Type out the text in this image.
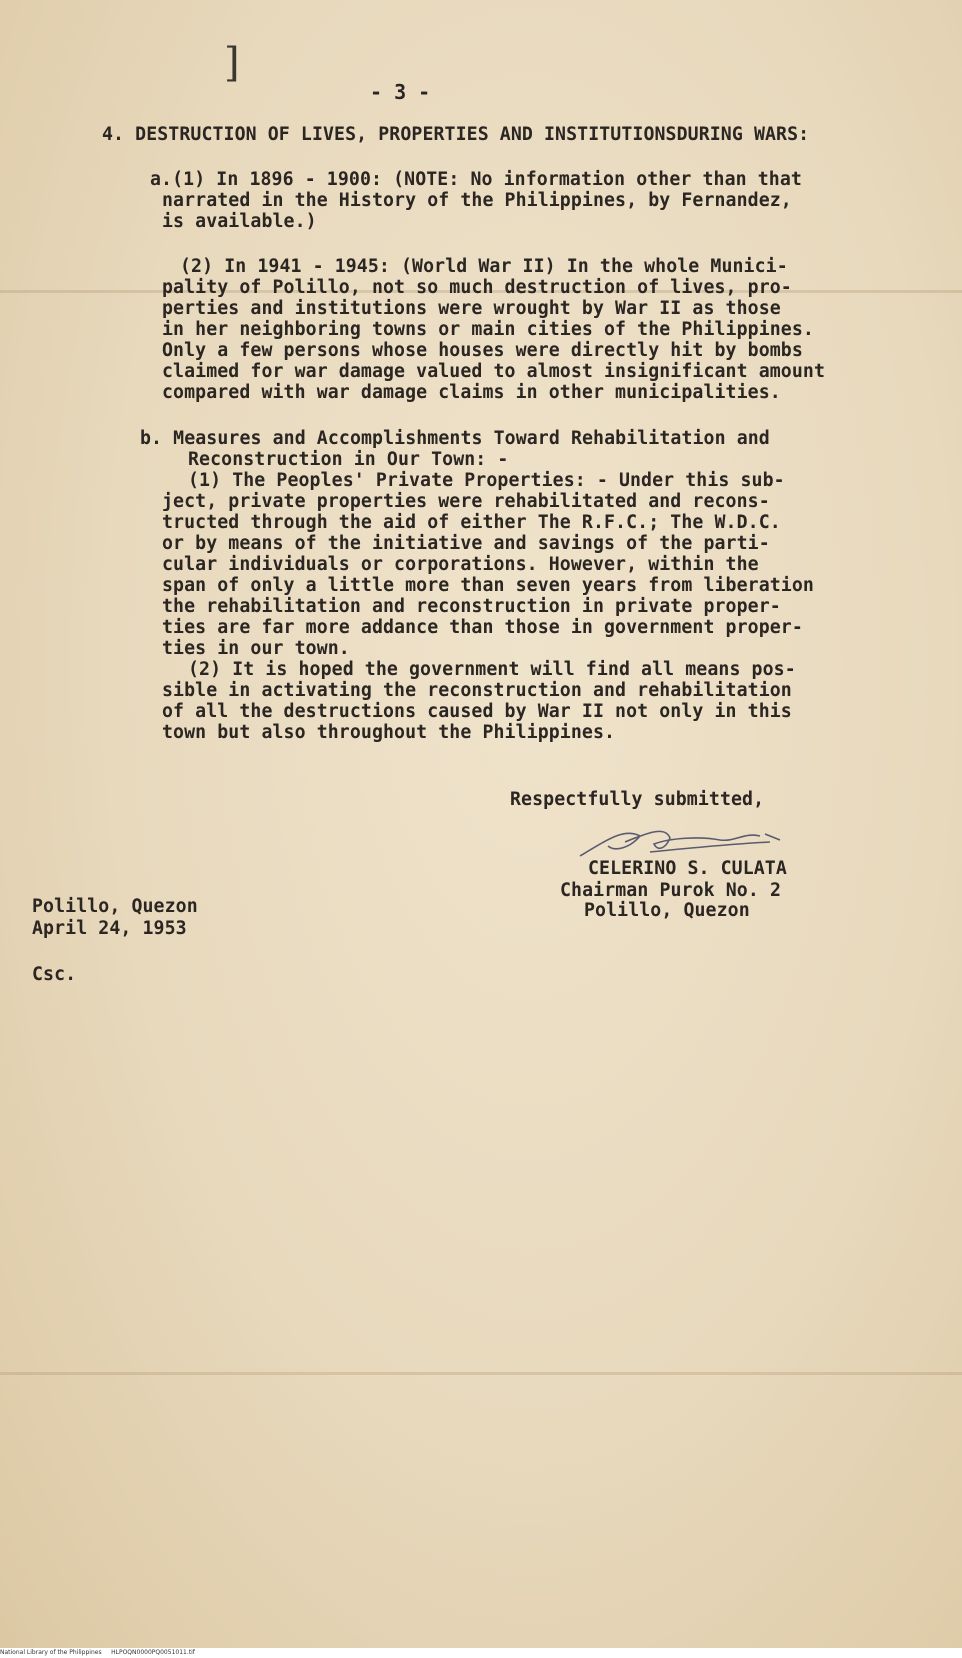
]
- 3 -
4. DESTRUCTION OF LIVES, PROPERTIES AND INSTITUTIONSDURING WARS:
a.(1) In 1896 - 1900: (NOTE: No information other than that
narrated in the History of the Philippines, by Fernandez,
is available.)
(2) In 1941 - 1945: (World War II) In the whole Munici-
pality of Polillo, not so much destruction of lives, pro-
perties and institutions were wrought by War II as those
in her neighboring towns or main cities of the Philippines.
Only a few persons whose houses were directly hit by bombs
claimed for war damage valued to almost insignificant amount
compared with war damage claims in other municipalities.
b. Measures and Accomplishments Toward Rehabilitation and
Reconstruction in Our Town: -
(1) The Peoples' Private Properties: - Under this sub-
ject, private properties were rehabilitated and recons-
tructed through the aid of either The R.F.C.; The W.D.C.
or by means of the initiative and savings of the parti-
cular individuals or corporations. However, within the
span of only a little more than seven years from liberation
the rehabilitation and reconstruction in private proper-
ties are far more addance than those in government proper-
ties in our town.
(2) It is hoped the government will find all means pos-
sible in activating the reconstruction and rehabilitation
of all the destructions caused by War II not only in this
town but also throughout the Philippines.
Respectfully submitted,
CELERINO S. CULATA
Chairman Purok No. 2
Polillo, Quezon
Polillo, Quezon
April 24, 1953
Csc.
National Library of the Philippines     HLPOQN0000PQ0051011.tif
